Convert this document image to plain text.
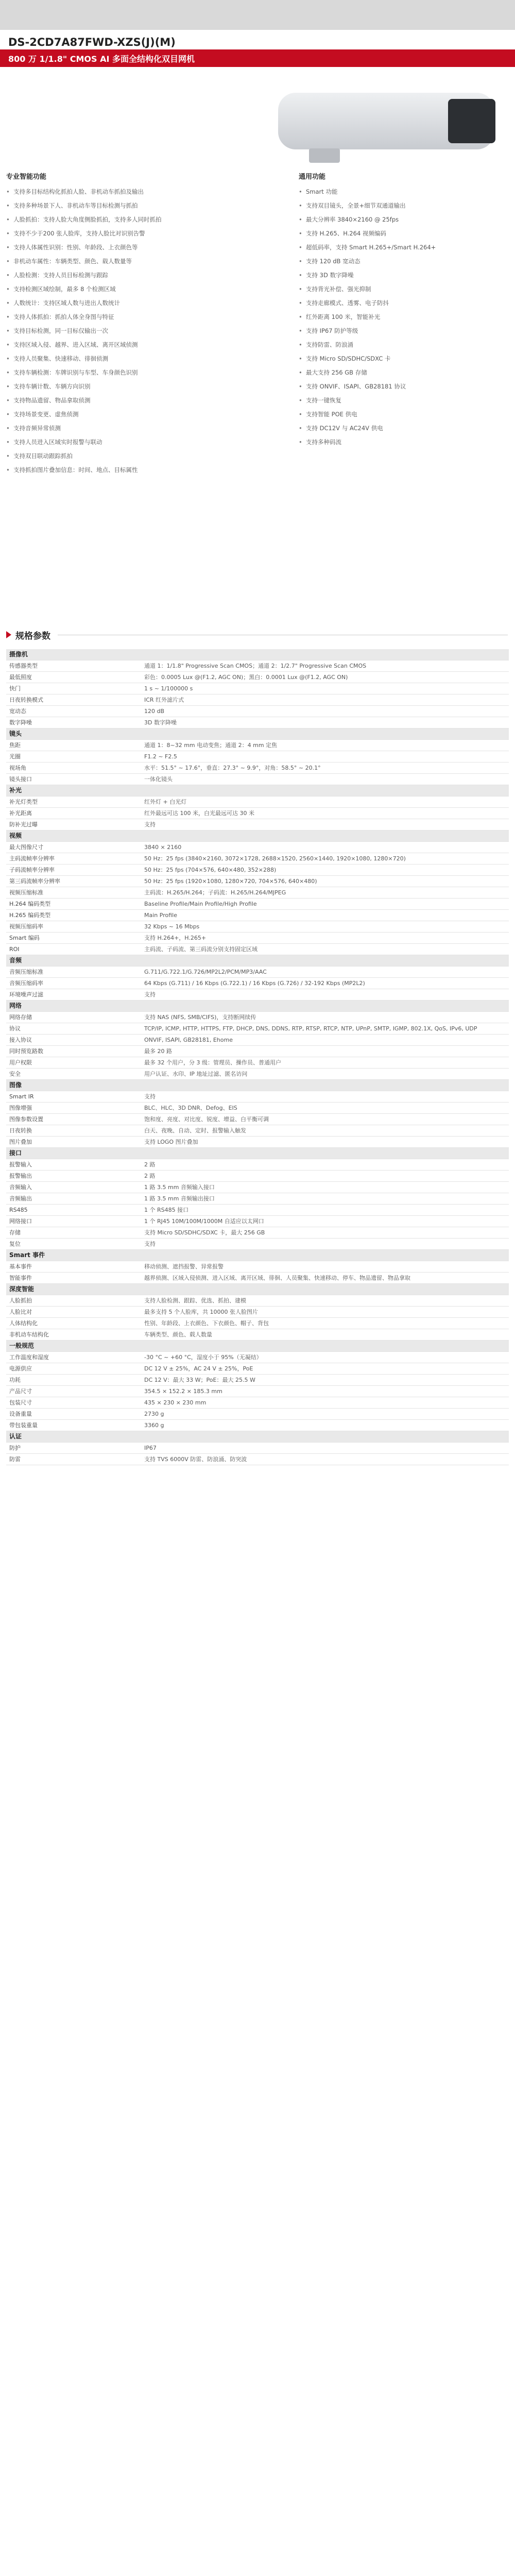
DS-2CD7A87FWD-XZS(J)(M)
800 万 1/1.8" CMOS AI 多面全结构化双目网机
专业智能功能
• 支持多目标结构化抓拍人脸、非机动车抓拍及输出
• 支持多种场景下人、非机动车等目标检测与抓拍
• 人脸抓拍：支持人脸大角度侧脸抓拍，支持多人同时抓拍
• 支持不少于200 张人脸库，支持人脸比对识别告警
• 支持人体属性识别：性别、年龄段、上衣颜色等
• 非机动车属性：车辆类型、颜色、载人数量等
• 人脸检测：支持人员目标检测与跟踪
• 支持检测区域绘制，最多 8 个检测区域
• 人数统计：支持区域人数与进出人数统计
• 支持人体抓拍：抓拍人体全身图与特征
• 支持目标检测，同一目标仅输出一次
• 支持区域入侵、越界、进入区域、离开区域侦测
• 支持人员聚集、快速移动、徘徊侦测
• 支持车辆检测：车牌识别与车型、车身颜色识别
• 支持车辆计数、车辆方向识别
• 支持物品遗留、物品拿取侦测
• 支持场景变更、虚焦侦测
• 支持音频异常侦测
• 支持人员进入区域实时报警与联动
• 支持双目联动跟踪抓拍
• 支持抓拍图片叠加信息：时间、地点、目标属性
通用功能
• Smart 功能
• 支持双目镜头，全景+细节双通道输出
• 最大分辨率 3840×2160 @ 25fps
• 支持 H.265、H.264 视频编码
• 超低码率，支持 Smart H.265+/Smart H.264+
• 支持 120 dB 宽动态
• 支持 3D 数字降噪
• 支持背光补偿、强光抑制
• 支持走廊模式、透雾、电子防抖
• 红外距离 100 米，智能补光
• 支持 IP67 防护等级
• 支持防雷、防浪涌
• 支持 Micro SD/SDHC/SDXC 卡
• 最大支持 256 GB 存储
• 支持 ONVIF、ISAPI、GB28181 协议
• 支持一键恢复
• 支持智能 POE 供电
• 支持 DC12V 与 AC24V 供电
• 支持多种码流
规格参数
摄像机	
传感器类型	通道 1：1/1.8" Progressive Scan CMOS；通道 2：1/2.7" Progressive Scan CMOS
最低照度	彩色：0.0005 Lux @(F1.2, AGC ON)；黑白：0.0001 Lux @(F1.2, AGC ON)
快门	1 s ~ 1/100000 s
日夜转换模式	ICR 红外滤片式
宽动态	120 dB
数字降噪	3D 数字降噪
镜头	
焦距	通道 1：8~32 mm 电动变焦；通道 2：4 mm 定焦
光圈	F1.2 ~ F2.5
视场角	水平：51.5° ~ 17.6°，垂直：27.3° ~ 9.9°，对角：58.5° ~ 20.1°
镜头接口	一体化镜头
补光	
补光灯类型	红外灯 + 白光灯
补光距离	红外最远可达 100 米，白光最远可达 30 米
防补光过曝	支持
视频	
最大图像尺寸	3840 × 2160
主码流帧率分辨率	50 Hz：25 fps (3840×2160, 3072×1728, 2688×1520, 2560×1440, 1920×1080, 1280×720)
子码流帧率分辨率	50 Hz：25 fps (704×576, 640×480, 352×288)
第三码流帧率分辨率	50 Hz：25 fps (1920×1080, 1280×720, 704×576, 640×480)
视频压缩标准	主码流：H.265/H.264；子码流：H.265/H.264/MJPEG
H.264 编码类型	Baseline Profile/Main Profile/High Profile
H.265 编码类型	Main Profile
视频压缩码率	32 Kbps ~ 16 Mbps
Smart 编码	支持 H.264+，H.265+
ROI	主码流、子码流、第三码流分别支持固定区域
音频	
音频压缩标准	G.711/G.722.1/G.726/MP2L2/PCM/MP3/AAC
音频压缩码率	64 Kbps (G.711) / 16 Kbps (G.722.1) / 16 Kbps (G.726) / 32-192 Kbps (MP2L2)
环境噪声过滤	支持
网络	
网络存储	支持 NAS (NFS, SMB/CIFS)，支持断网续传
协议	TCP/IP, ICMP, HTTP, HTTPS, FTP, DHCP, DNS, DDNS, RTP, RTSP, RTCP, NTP, UPnP, SMTP, IGMP, 802.1X, QoS, IPv6, UDP
接入协议	ONVIF, ISAPI, GB28181, Ehome
同时预览路数	最多 20 路
用户权限	最多 32 个用户，分 3 级：管理员、操作员、普通用户
安全	用户认证、水印、IP 地址过滤、匿名访问
图像	
Smart IR	支持
图像增强	BLC、HLC、3D DNR、Defog、EIS
图像参数设置	饱和度、亮度、对比度、锐度、增益、白平衡可调
日夜转换	白天、夜晚、自动、定时、报警输入触发
图片叠加	支持 LOGO 图片叠加
接口	
报警输入	2 路
报警输出	2 路
音频输入	1 路 3.5 mm 音频输入接口
音频输出	1 路 3.5 mm 音频输出接口
RS485	1 个 RS485 接口
网络接口	1 个 RJ45 10M/100M/1000M 自适应以太网口
存储	支持 Micro SD/SDHC/SDXC 卡，最大 256 GB
复位	支持
Smart 事件	
基本事件	移动侦测、遮挡报警、异常报警
智能事件	越界侦测、区域入侵侦测、进入区域、离开区域、徘徊、人员聚集、快速移动、停车、物品遗留、物品拿取
深度智能	
人脸抓拍	支持人脸检测、跟踪、优选、抓拍、建模
人脸比对	最多支持 5 个人脸库，共 10000 张人脸图片
人体结构化	性别、年龄段、上衣颜色、下衣颜色、帽子、背包
非机动车结构化	车辆类型、颜色、载人数量
一般规范	
工作温度和湿度	-30 °C ~ +60 °C，湿度小于 95%（无凝结）
电源供应	DC 12 V ± 25%，AC 24 V ± 25%，PoE
功耗	DC 12 V：最大 33 W；PoE：最大 25.5 W
产品尺寸	354.5 × 152.2 × 185.3 mm
包装尺寸	435 × 230 × 230 mm
设备重量	2730 g
带包装重量	3360 g
认证	
防护	IP67
防雷	支持 TVS 6000V 防雷、防浪涌、防突波
